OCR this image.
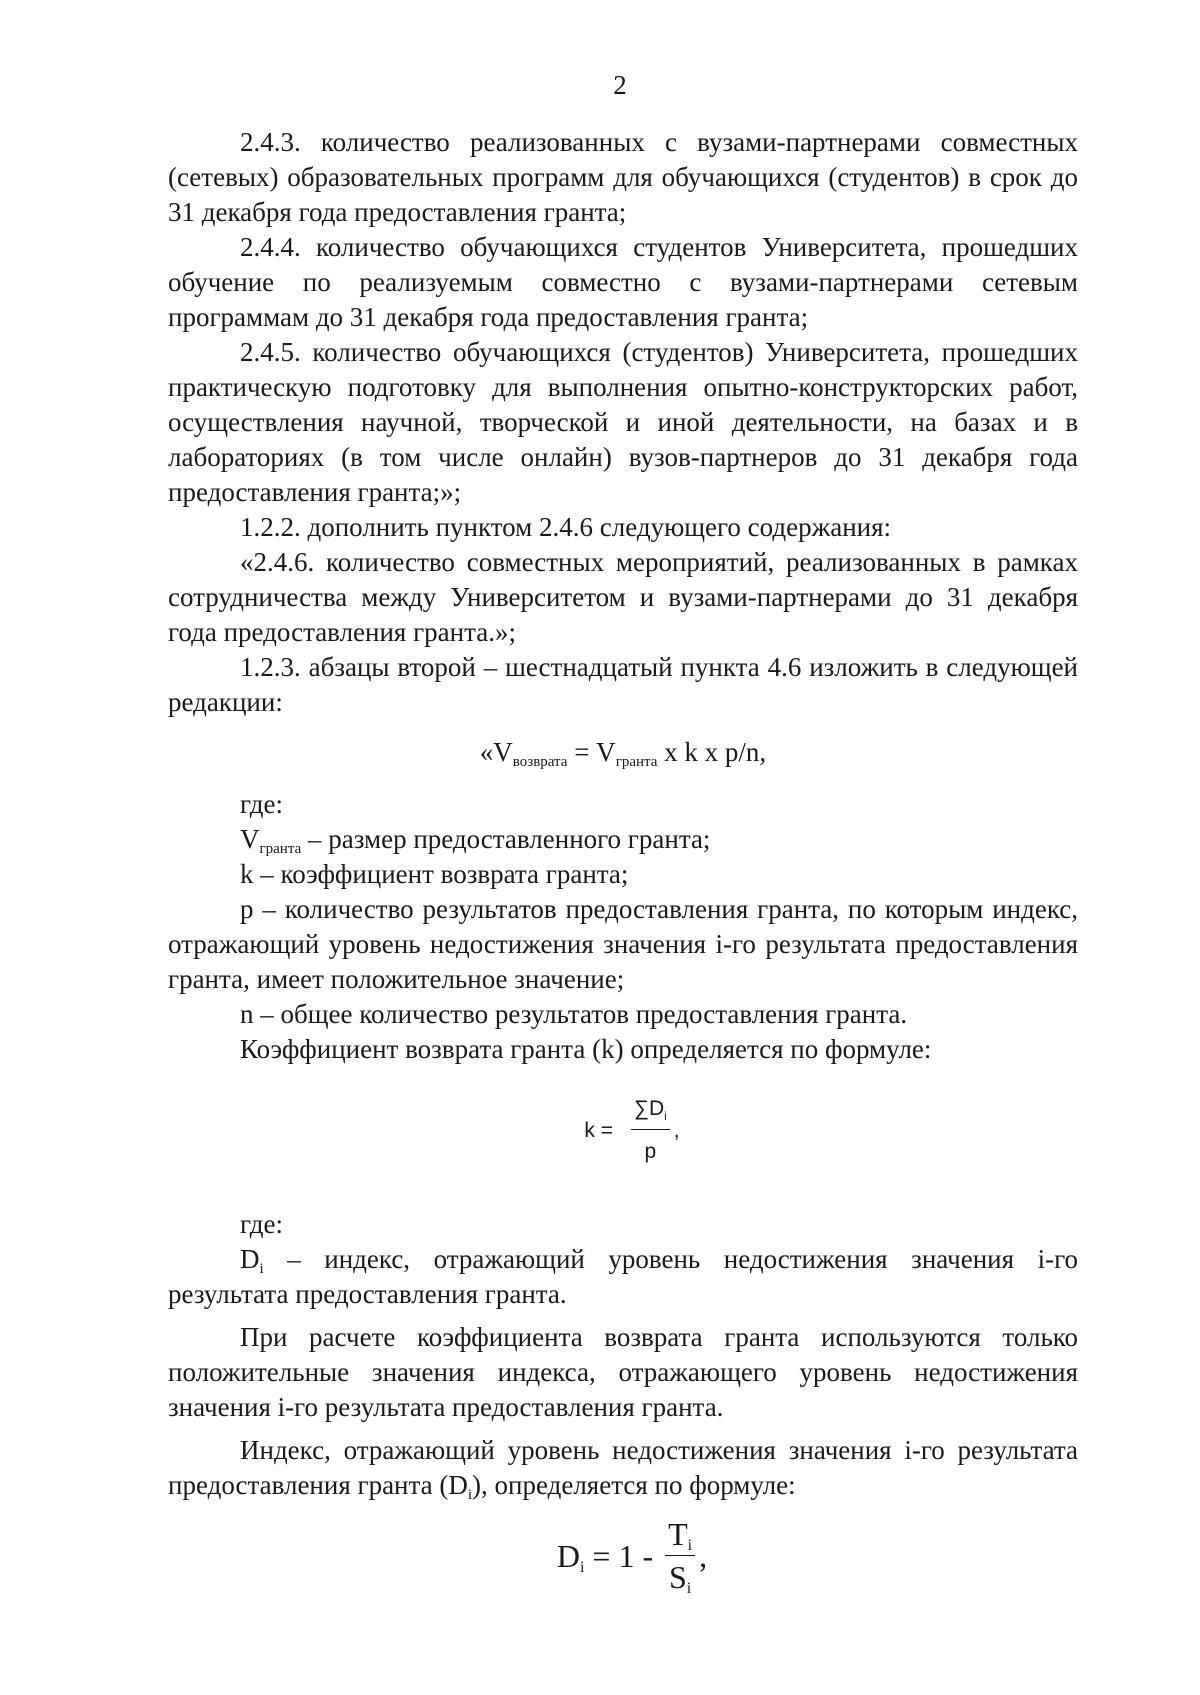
2

2.4.3. количество реализованных с вузами-партнерами совместных (сетевых) образовательных программ для обучающихся (студентов) в срок до 31 декабря года предоставления гранта;

2.4.4. количество обучающихся студентов Университета, прошедших обучение по реализуемым совместно с вузами-партнерами сетевым программам до 31 декабря года предоставления гранта;

2.4.5. количество обучающихся (студентов) Университета, прошедших практическую подготовку для выполнения опытно-конструкторских работ, осуществления научной, творческой и иной деятельности, на базах и в лабораториях (в том числе онлайн) вузов-партнеров до 31 декабря года предоставления гранта;»;

1.2.2. дополнить пунктом 2.4.6 следующего содержания:

«2.4.6. количество совместных мероприятий, реализованных в рамках сотрудничества между Университетом и вузами-партнерами до 31 декабря года предоставления гранта.»;

1.2.3. абзацы второй – шестнадцатый пункта 4.6 изложить в следующей редакции:

«$V_{возврата} = V_{гранта}$ x k x p/n,

где:

$V_{гранта}$ – размер предоставленного гранта;

k – коэффициент возврата гранта;

р – количество результатов предоставления гранта, по которым индекс, отражающий уровень недостижения значения i-го результата предоставления гранта, имеет положительное значение;

n – общее количество результатов предоставления гранта.

Коэффициент возврата гранта (k) определяется по формуле:

$k = \frac{\sum D_i}{p}$ ,

где:

$D_i$ – индекс, отражающий уровень недостижения значения i-го результата предоставления гранта.

При расчете коэффициента возврата гранта используются только положительные значения индекса, отражающего уровень недостижения значения i-го результата предоставления гранта.

Индекс, отражающий уровень недостижения значения i-го результата предоставления гранта $(D_i)$, определяется по формуле:

$D_i = 1 - \frac{T_i}{S_i}$ ,
